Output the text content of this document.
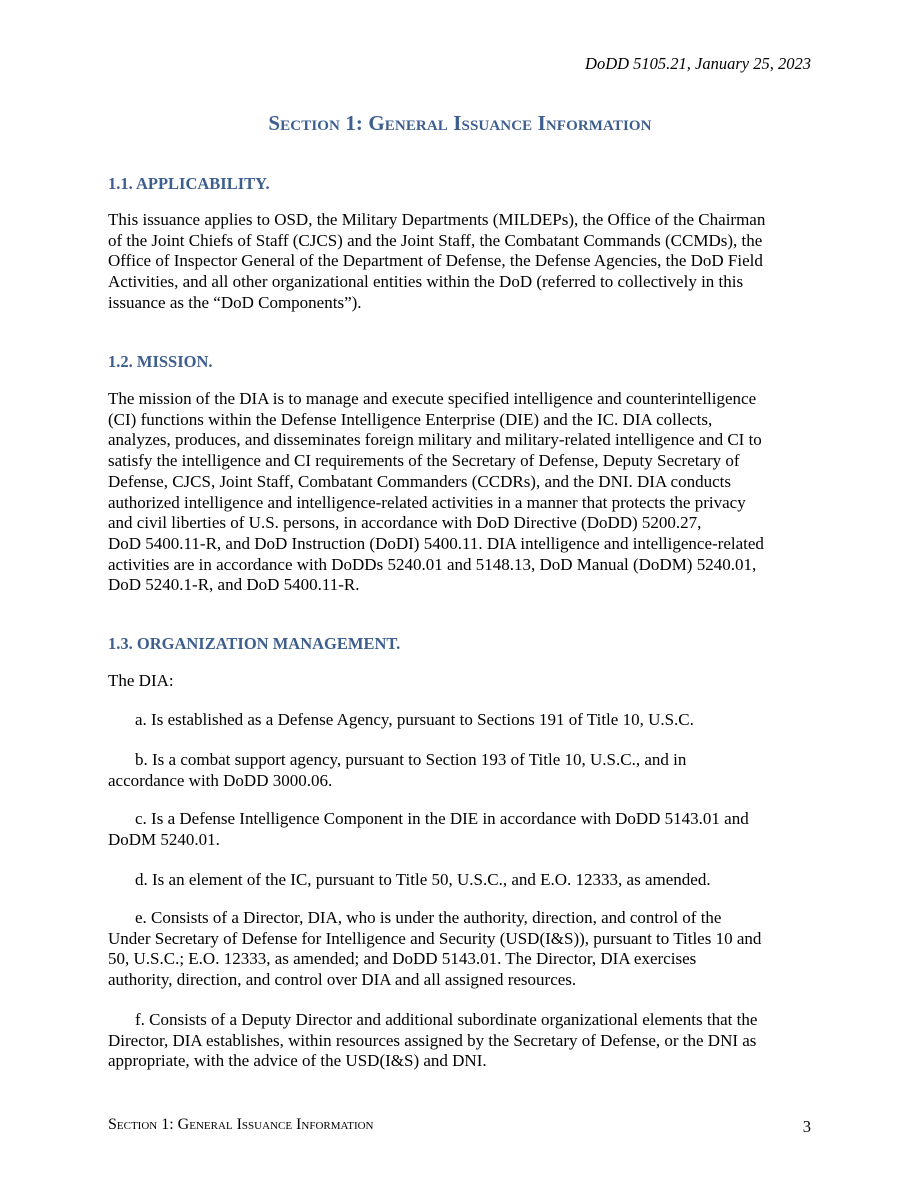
DoDD 5105.21, January 25, 2023
Section 1: General Issuance Information
1.1. APPLICABILITY.
This issuance applies to OSD, the Military Departments (MILDEPs), the Office of the Chairman
of the Joint Chiefs of Staff (CJCS) and the Joint Staff, the Combatant Commands (CCMDs), the
Office of Inspector General of the Department of Defense, the Defense Agencies, the DoD Field
Activities, and all other organizational entities within the DoD (referred to collectively in this
issuance as the “DoD Components”).
1.2. MISSION.
The mission of the DIA is to manage and execute specified intelligence and counterintelligence
(CI) functions within the Defense Intelligence Enterprise (DIE) and the IC. DIA collects,
analyzes, produces, and disseminates foreign military and military-related intelligence and CI to
satisfy the intelligence and CI requirements of the Secretary of Defense, Deputy Secretary of
Defense, CJCS, Joint Staff, Combatant Commanders (CCDRs), and the DNI. DIA conducts
authorized intelligence and intelligence-related activities in a manner that protects the privacy
and civil liberties of U.S. persons, in accordance with DoD Directive (DoDD) 5200.27,
DoD 5400.11-R, and DoD Instruction (DoDI) 5400.11. DIA intelligence and intelligence-related
activities are in accordance with DoDDs 5240.01 and 5148.13, DoD Manual (DoDM) 5240.01,
DoD 5240.1-R, and DoD 5400.11-R.
1.3. ORGANIZATION MANAGEMENT.
The DIA:
a. Is established as a Defense Agency, pursuant to Sections 191 of Title 10, U.S.C.
b. Is a combat support agency, pursuant to Section 193 of Title 10, U.S.C., and in
accordance with DoDD 3000.06.
c. Is a Defense Intelligence Component in the DIE in accordance with DoDD 5143.01 and
DoDM 5240.01.
d. Is an element of the IC, pursuant to Title 50, U.S.C., and E.O. 12333, as amended.
e. Consists of a Director, DIA, who is under the authority, direction, and control of the
Under Secretary of Defense for Intelligence and Security (USD(I&S)), pursuant to Titles 10 and
50, U.S.C.; E.O. 12333, as amended; and DoDD 5143.01. The Director, DIA exercises
authority, direction, and control over DIA and all assigned resources.
f. Consists of a Deputy Director and additional subordinate organizational elements that the
Director, DIA establishes, within resources assigned by the Secretary of Defense, or the DNI as
appropriate, with the advice of the USD(I&S) and DNI.
Section 1: General Issuance Information	3
